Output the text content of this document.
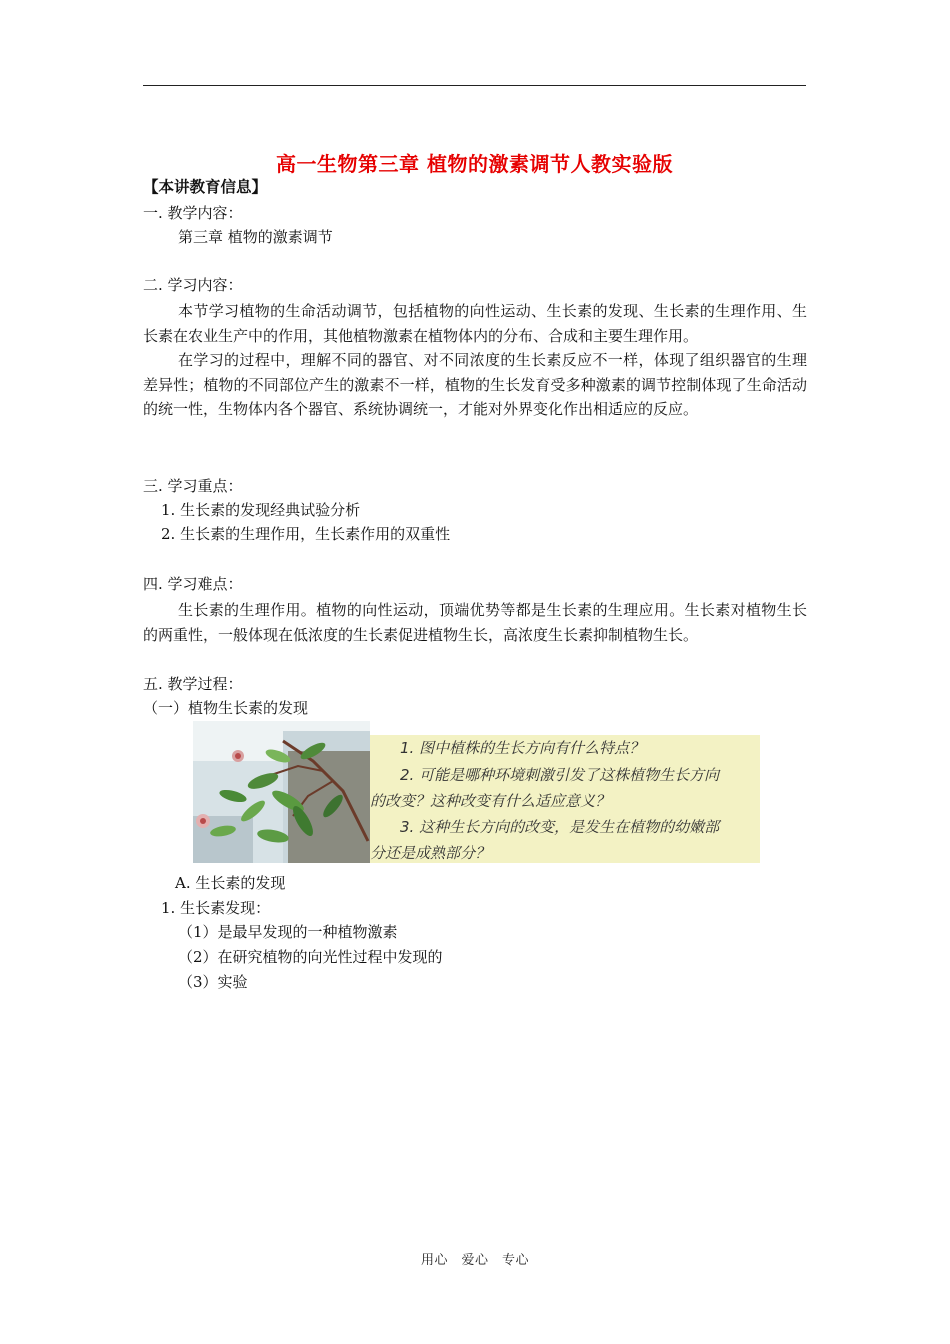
高一生物第三章 植物的激素调节人教实验版
【本讲教育信息】
一. 教学内容：
第三章 植物的激素调节
二. 学习内容：
本节学习植物的生命活动调节，包括植物的向性运动、生长素的发现、生长素的生理作用、生长素在农业生产中的作用，其他植物激素在植物体内的分布、合成和主要生理作用。
在学习的过程中，理解不同的器官、对不同浓度的生长素反应不一样，体现了组织器官的生理差异性；植物的不同部位产生的激素不一样，植物的生长发育受多种激素的调节控制体现了生命活动的统一性，生物体内各个器官、系统协调统一，才能对外界变化作出相适应的反应。
三. 学习重点：
1. 生长素的发现经典试验分析
2. 生长素的生理作用，生长素作用的双重性
四. 学习难点：
生长素的生理作用。植物的向性运动，顶端优势等都是生长素的生理应用。生长素对植物生长的两重性，一般体现在低浓度的生长素促进植物生长，高浓度生长素抑制植物生长。
五. 教学过程：
（一）植物生长素的发现
1. 图中植株的生长方向有什么特点？
2. 可能是哪种环境刺激引发了这株植物生长方向
的改变？这种改变有什么适应意义？
3. 这种生长方向的改变，是发生在植物的幼嫩部
分还是成熟部分？
A. 生长素的发现
1. 生长素发现：
（1）是最早发现的一种植物激素
（2）在研究植物的向光性过程中发现的
（3）实验
用心　爱心　专心
